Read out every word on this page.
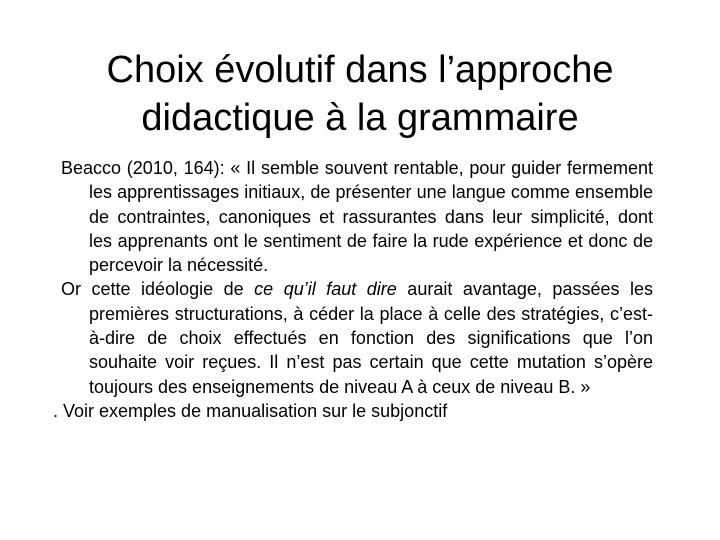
Choix évolutif dans l’approche
didactique à la grammaire

Beacco (2010, 164): « Il semble souvent rentable, pour guider fermement les apprentissages initiaux, de présenter une langue comme ensemble de contraintes, canoniques et rassurantes dans leur simplicité, dont les apprenants ont le sentiment de faire la rude expérience et donc de percevoir la nécessité.

Or cette idéologie de ce qu’il faut dire aurait avantage, passées les premières structurations, à céder la place à celle des stratégies, c’est-à-dire de choix effectués en fonction des significations que l’on souhaite voir reçues. Il n’est pas certain que cette mutation s’opère toujours des enseignements de niveau A à ceux de niveau B. »

. Voir exemples de manualisation sur le subjonctif
